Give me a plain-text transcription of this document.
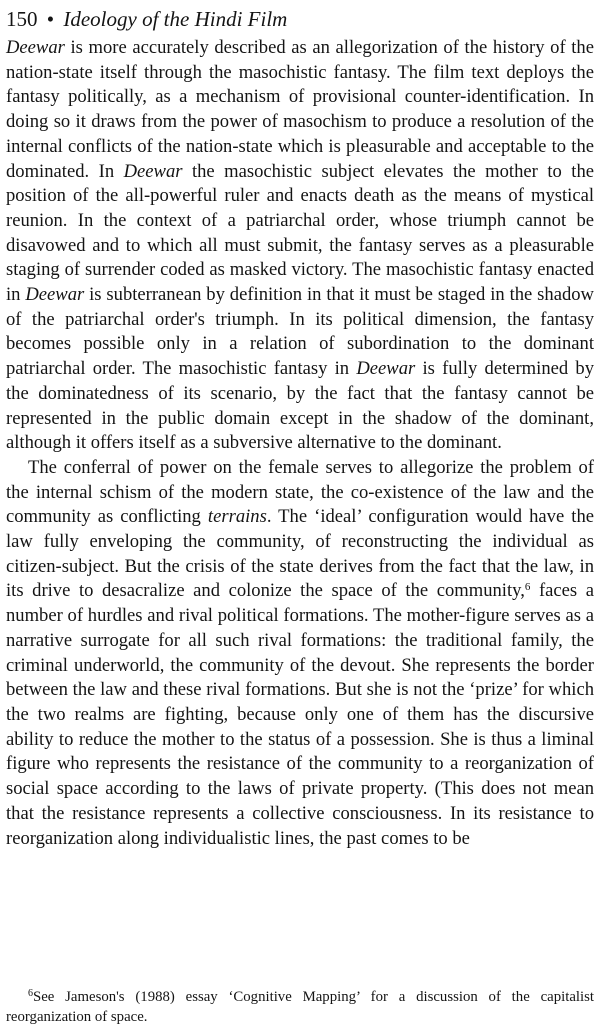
150 • Ideology of the Hindi Film

Deewar is more accurately described as an allegorization of the history of the nation-state itself through the masochistic fantasy. The film text deploys the fantasy politically, as a mechanism of provisional counter-identification. In doing so it draws from the power of masochism to produce a resolution of the internal conflicts of the nation-state which is pleasurable and acceptable to the dominated. In Deewar the masochistic subject elevates the mother to the position of the all-powerful ruler and enacts death as the means of mystical reunion. In the context of a patriarchal order, whose triumph cannot be disavowed and to which all must submit, the fantasy serves as a pleasurable staging of surrender coded as masked victory. The masochistic fantasy enacted in Deewar is subterranean by definition in that it must be staged in the shadow of the patriarchal order's triumph. In its political dimension, the fantasy becomes possible only in a relation of subordination to the dominant patriarchal order. The masochistic fantasy in Deewar is fully determined by the dominatedness of its scenario, by the fact that the fantasy cannot be represented in the public domain except in the shadow of the dominant, although it offers itself as a subversive alternative to the dominant.

The conferral of power on the female serves to allegorize the problem of the internal schism of the modern state, the co-existence of the law and the community as conflicting terrains. The ‘ideal’ configuration would have the law fully enveloping the community, of reconstructing the individual as citizen-subject. But the crisis of the state derives from the fact that the law, in its drive to desacralize and colonize the space of the community,$^6$ faces a number of hurdles and rival political formations. The mother-figure serves as a narrative surrogate for all such rival formations: the traditional family, the criminal underworld, the community of the devout. She represents the border between the law and these rival formations. But she is not the ‘prize’ for which the two realms are fighting, because only one of them has the discursive ability to reduce the mother to the status of a possession. She is thus a liminal figure who represents the resistance of the community to a reorganization of social space according to the laws of private property. (This does not mean that the resistance represents a collective consciousness. In its resistance to reorganization along individualistic lines, the past comes to be

$^6$See Jameson's (1988) essay ‘Cognitive Mapping’ for a discussion of the capitalist reorganization of space.
